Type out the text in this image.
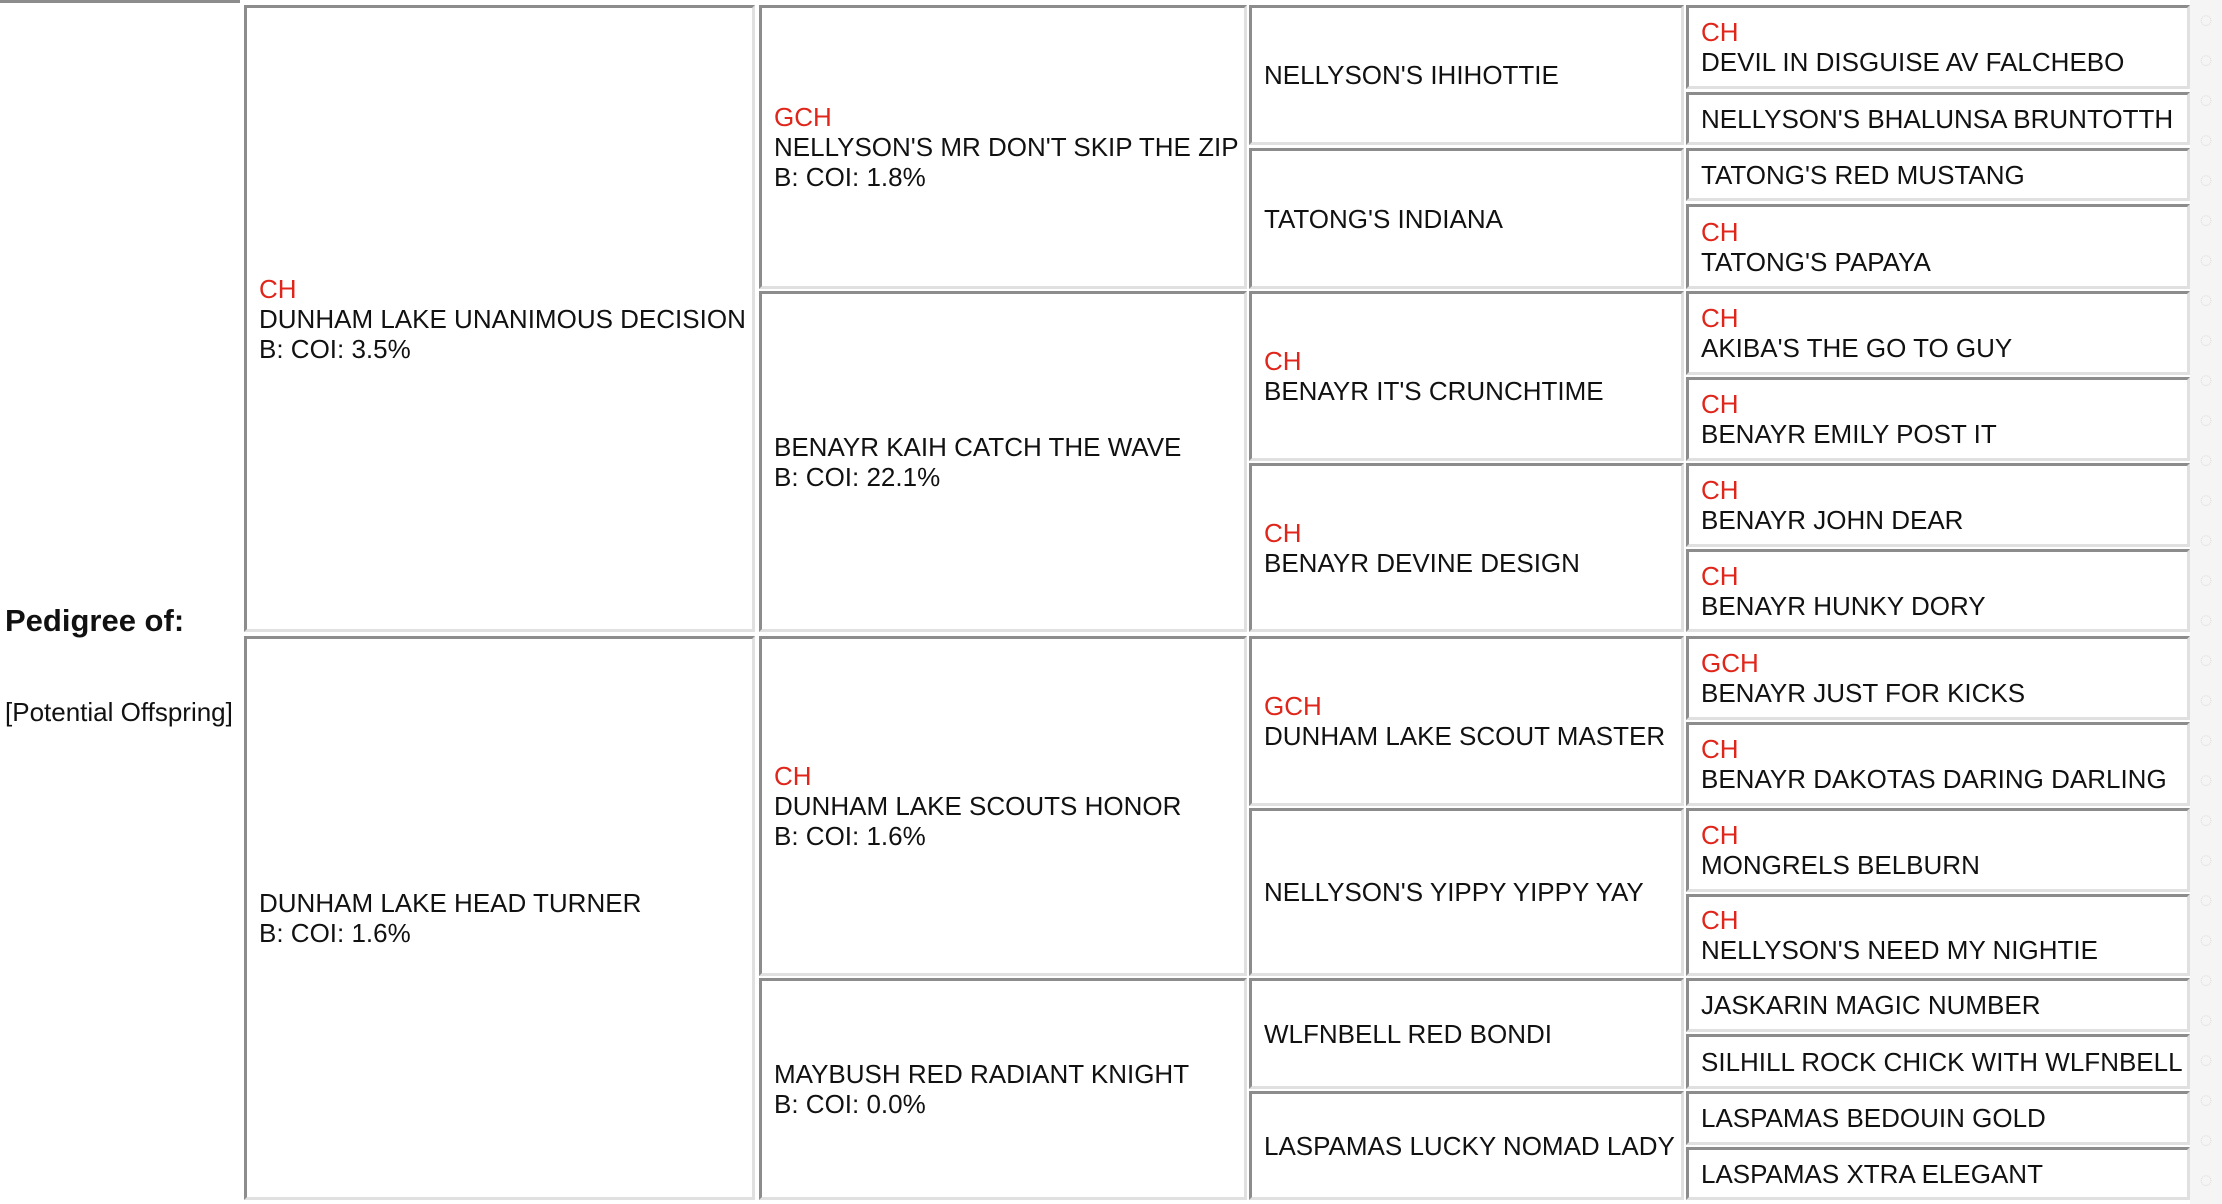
Pedigree of:
[Potential Offspring]
CH
DUNHAM LAKE UNANIMOUS DECISION
B: COI: 3.5%
DUNHAM LAKE HEAD TURNER
B: COI: 1.6%
GCH
NELLYSON'S MR DON'T SKIP THE ZIP
B: COI: 1.8%
BENAYR KAIH CATCH THE WAVE
B: COI: 22.1%
CH
DUNHAM LAKE SCOUTS HONOR
B: COI: 1.6%
MAYBUSH RED RADIANT KNIGHT
B: COI: 0.0%
NELLYSON'S IHIHOTTIE
TATONG'S INDIANA
CH
BENAYR IT'S CRUNCHTIME
CH
BENAYR DEVINE DESIGN
GCH
DUNHAM LAKE SCOUT MASTER
NELLYSON'S YIPPY YIPPY YAY
WLFNBELL RED BONDI
LASPAMAS LUCKY NOMAD LADY
CH
DEVIL IN DISGUISE AV FALCHEBO
NELLYSON'S BHALUNSA BRUNTOTTH
TATONG'S RED MUSTANG
CH
TATONG'S PAPAYA
CH
AKIBA'S THE GO TO GUY
CH
BENAYR EMILY POST IT
CH
BENAYR JOHN DEAR
CH
BENAYR HUNKY DORY
GCH
BENAYR JUST FOR KICKS
CH
BENAYR DAKOTAS DARING DARLING
CH
MONGRELS BELBURN
CH
NELLYSON'S NEED MY NIGHTIE
JASKARIN MAGIC NUMBER
SILHILL ROCK CHICK WITH WLFNBELL
LASPAMAS BEDOUIN GOLD
LASPAMAS XTRA ELEGANT
◌
◌
◌
◌
◌
◌
◌
◌
◌
◌
◌
◌
◌
◌
◌
◌
◌
◌
◌
◌
◌
◌
◌
◌
◌
◌
◌
◌
◌
◌
